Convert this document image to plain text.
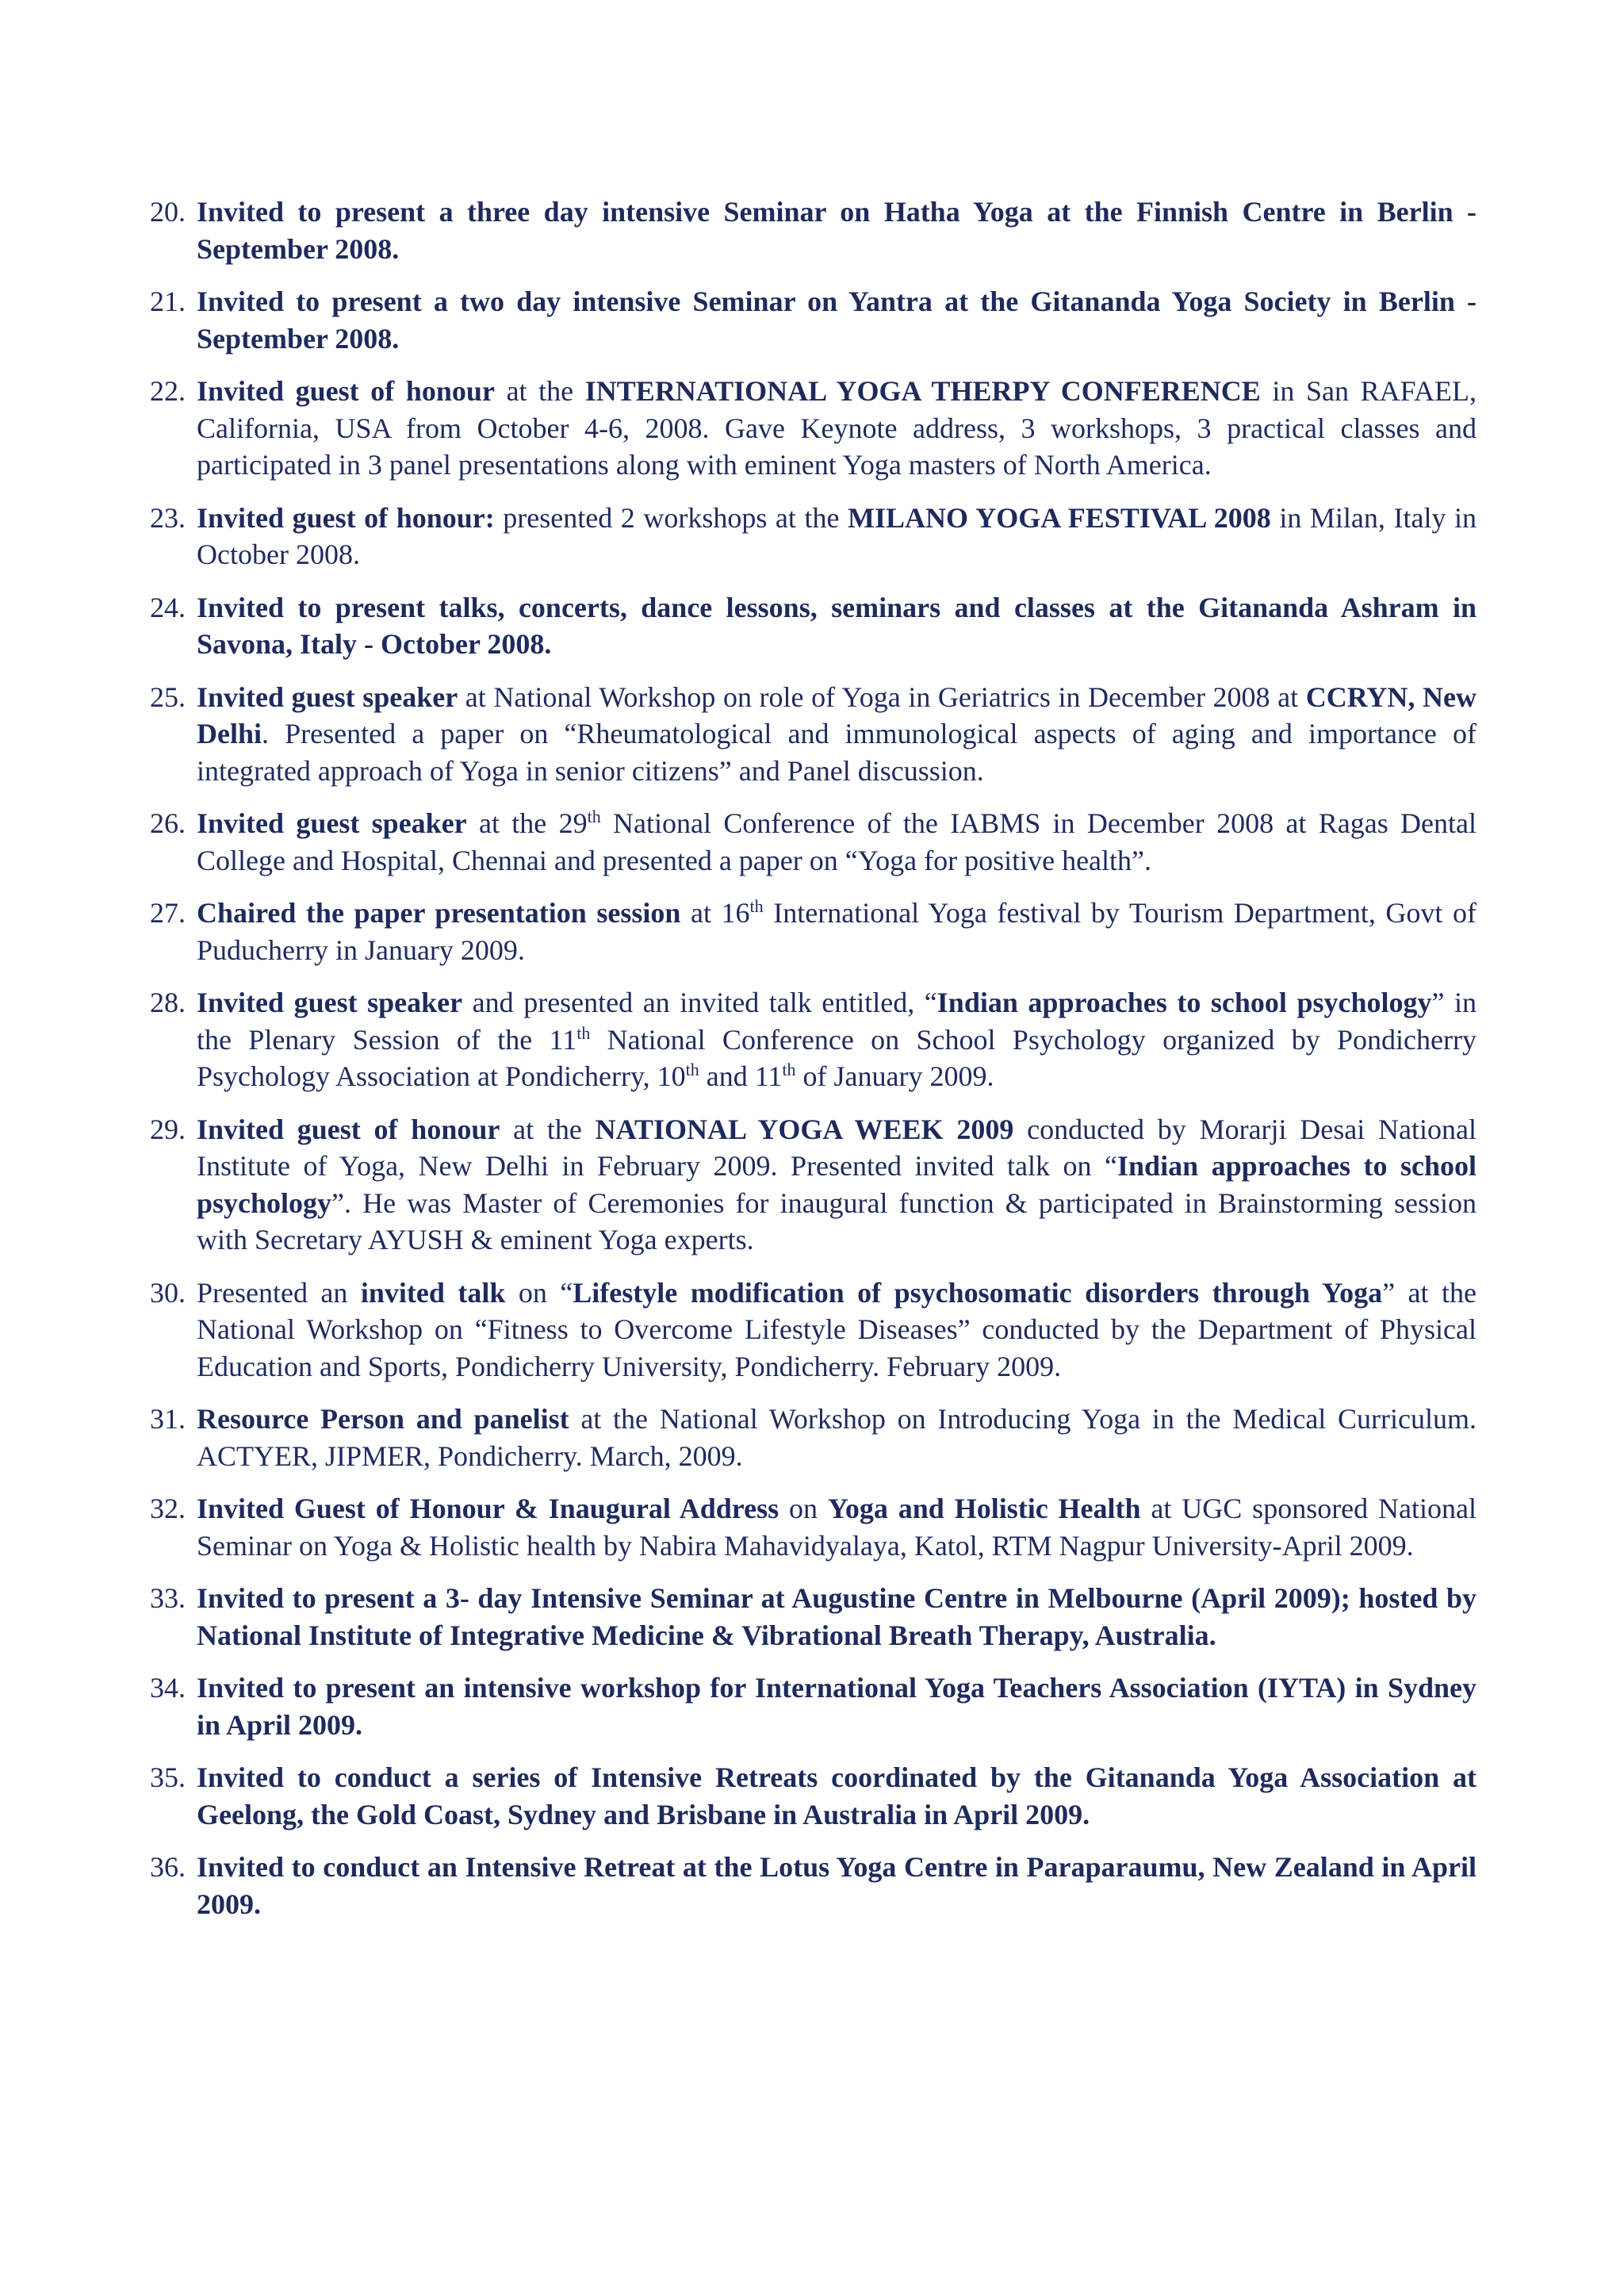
20. Invited to present a three day intensive Seminar on Hatha Yoga at the Finnish Centre in Berlin -September 2008.
21. Invited to present a two day intensive Seminar on Yantra at the Gitananda Yoga Society in Berlin -September 2008.
22. Invited guest of honour at the INTERNATIONAL YOGA THERPY CONFERENCE in San RAFAEL, California, USA from October 4-6, 2008. Gave Keynote address, 3 workshops, 3 practical classes and participated in 3 panel presentations along with eminent Yoga masters of North America.
23. Invited guest of honour: presented 2 workshops at the MILANO YOGA FESTIVAL 2008 in Milan, Italy in October 2008.
24. Invited to present talks, concerts, dance lessons, seminars and classes at the Gitananda Ashram in Savona, Italy - October 2008.
25. Invited guest speaker at National Workshop on role of Yoga in Geriatrics in December 2008 at CCRYN, New Delhi. Presented a paper on “Rheumatological and immunological aspects of aging and importance of integrated approach of Yoga in senior citizens” and Panel discussion.
26. Invited guest speaker at the 29th National Conference of the IABMS in December 2008 at Ragas Dental College and Hospital, Chennai and presented a paper on “Yoga for positive health”.
27. Chaired the paper presentation session at 16th International Yoga festival by Tourism Department, Govt of Puducherry in January 2009.
28. Invited guest speaker and presented an invited talk entitled, “Indian approaches to school psychology” in the Plenary Session of the 11th National Conference on School Psychology organized by Pondicherry Psychology Association at Pondicherry, 10th and 11th of January 2009.
29. Invited guest of honour at the NATIONAL YOGA WEEK 2009 conducted by Morarji Desai National Institute of Yoga, New Delhi in February 2009. Presented invited talk on “Indian approaches to school psychology”. He was Master of Ceremonies for inaugural function & participated in Brainstorming session with Secretary AYUSH & eminent Yoga experts.
30. Presented an invited talk on “Lifestyle modification of psychosomatic disorders through Yoga” at the National Workshop on “Fitness to Overcome Lifestyle Diseases” conducted by the Department of Physical Education and Sports, Pondicherry University, Pondicherry. February 2009.
31. Resource Person and panelist at the National Workshop on Introducing Yoga in the Medical Curriculum. ACTYER, JIPMER, Pondicherry. March, 2009.
32. Invited Guest of Honour & Inaugural Address on Yoga and Holistic Health at UGC sponsored National Seminar on Yoga & Holistic health by Nabira Mahavidyalaya, Katol, RTM Nagpur University-April 2009.
33. Invited to present a 3- day Intensive Seminar at Augustine Centre in Melbourne (April 2009); hosted by National Institute of Integrative Medicine & Vibrational Breath Therapy, Australia.
34. Invited to present an intensive workshop for International Yoga Teachers Association (IYTA) in Sydney in April 2009.
35. Invited to conduct a series of Intensive Retreats coordinated by the Gitananda Yoga Association at Geelong, the Gold Coast, Sydney and Brisbane in Australia in April 2009.
36. Invited to conduct an Intensive Retreat at the Lotus Yoga Centre in Paraparaumu, New Zealand in April 2009.
